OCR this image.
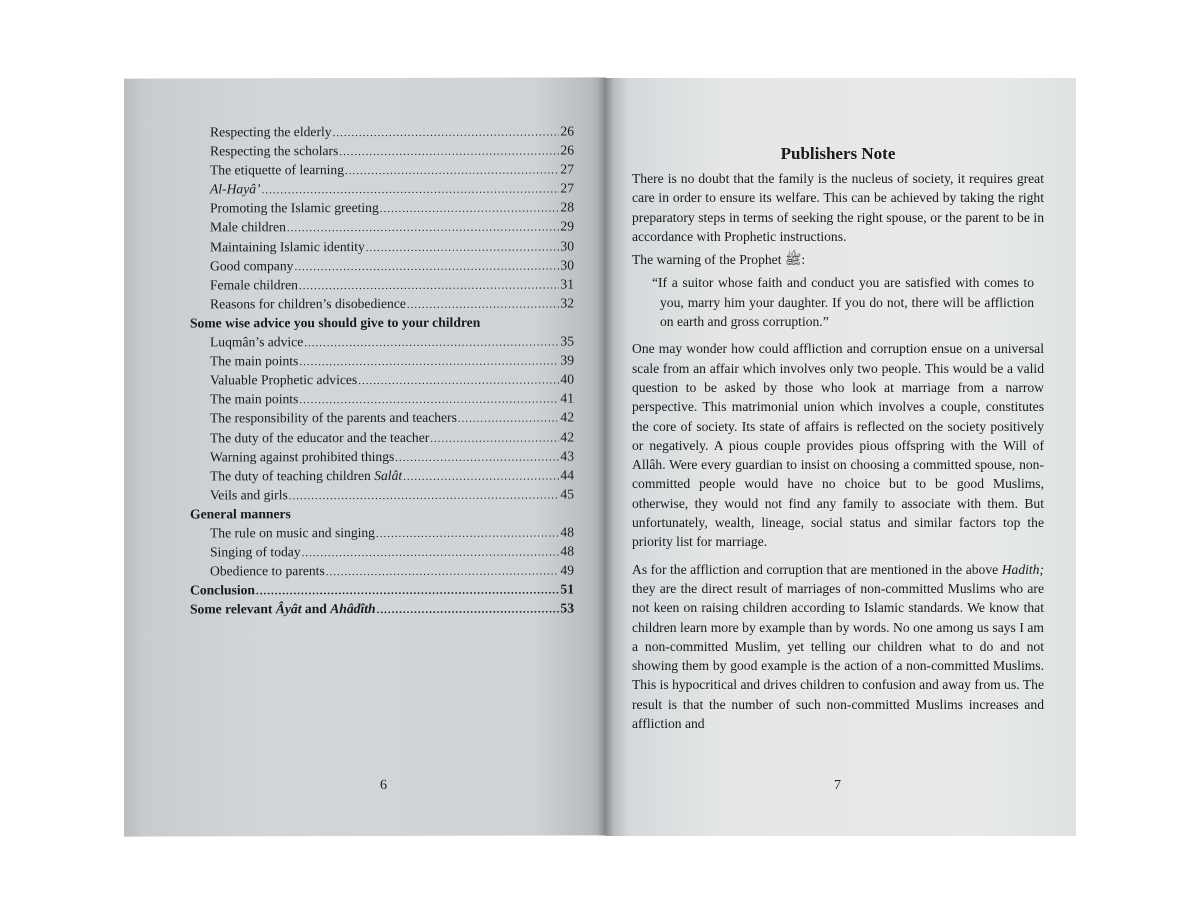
Respecting the elderly .....	26
Respecting the scholars .....	26
The etiquette of learning .....	27
Al-Hayâ’ .....	27
Promoting the Islamic greeting .....	28
Male children .....	29
Maintaining Islamic identity .....	30
Good company .....	30
Female children .....	31
Reasons for children’s disobedience .....	32
Some wise advice you should give to your children
Luqmân’s advice .....	35
The main points .....	39
Valuable Prophetic advices .....	40
The main points .....	41
The responsibility of the parents and teachers .....	42
The duty of the educator and the teacher .....	42
Warning against prohibited things .....	43
The duty of teaching children Salât .....	44
Veils and girls .....	45
General manners
The rule on music and singing .....	48
Singing of today .....	48
Obedience to parents .....	49
Conclusion .....	51
Some relevant Âyât and Ahâdîth .....	53
6
Publishers Note

There is no doubt that the family is the nucleus of society, it requires great care in order to ensure its welfare. This can be achieved by taking the right preparatory steps in terms of seeking the right spouse, or the parent to be in accordance with Prophetic instructions.

The warning of the Prophet ﷺ:

“If a suitor whose faith and conduct you are satisfied with comes to you, marry him your daughter. If you do not, there will be affliction on earth and gross corruption.”

One may wonder how could affliction and corruption ensue on a universal scale from an affair which involves only two people. This would be a valid question to be asked by those who look at marriage from a narrow perspective. This matrimonial union which involves a couple, constitutes the core of society. Its state of affairs is reflected on the society positively or negatively. A pious couple provides pious offspring with the Will of Allâh. Were every guardian to insist on choosing a committed spouse, non-committed people would have no choice but to be good Muslims, otherwise, they would not find any family to associate with them. But unfortunately, wealth, lineage, social status and similar factors top the priority list for marriage.

As for the affliction and corruption that are mentioned in the above Hadith; they are the direct result of marriages of non-committed Muslims who are not keen on raising children according to Islamic standards. We know that children learn more by example than by words. No one among us says I am a non-committed Muslim, yet telling our children what to do and not showing them by good example is the action of a non-committed Muslims. This is hypocritical and drives children to confusion and away from us. The result is that the number of such non-committed Muslims increases and affliction and

7
